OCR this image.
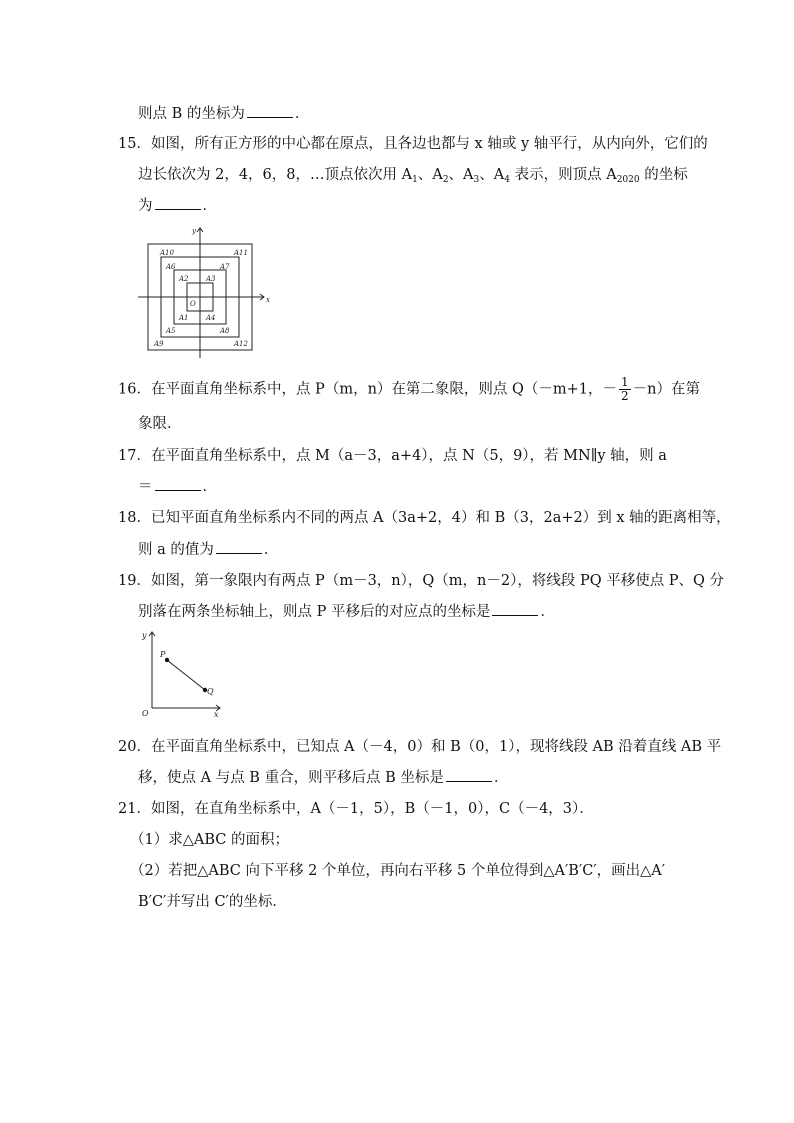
则点 B 的坐标为	．
15．如图，所有正方形的中心都在原点，且各边也都与 x 轴或 y 轴平行，从内向外，它们的
边长依次为 2，4，6，8，…顶点依次用 $A_1$、$A_2$、$A_3$、$A_4$ 表示，则顶点 $A_{2020}$ 的坐标
为	．
x
y
O
A1
A2 A3
A4
A5
A6	A7
A8
A9
A10	A11
A12
16．在平面直角坐标系中，点 P（m，n）在第二象限，则点 Q（－m+1，－ $\frac{1}{2} -n$）在第
象限．
17．在平面直角坐标系中，点 M（a－3，a+4），点 N（5，9），若 MN∥y 轴，则 a
＝	．
18．已知平面直角坐标系内不同的两点 A（3a+2，4）和 B（3，2a+2）到 x 轴的距离相等，
则 a 的值为	．
19．如图，第一象限内有两点 P（m－3，n），Q（m，n－2），将线段 PQ 平移使点 P、Q 分
别落在两条坐标轴上，则点 P 平移后的对应点的坐标是	．
y
x
O
P
Q
20．在平面直角坐标系中，已知点 A（－4，0）和 B（0，1），现将线段 AB 沿着直线 AB 平
移，使点 A 与点 B 重合，则平移后点 B 坐标是	．
21．如图，在直角坐标系中，A（－1，5），B（－1，0），C（－4，3）．
（1）求△ABC 的面积；
（2）若把△ABC 向下平移 2 个单位，再向右平移 5 个单位得到△A′B′C′，画出△A′
B′C′并写出 C′的坐标．
